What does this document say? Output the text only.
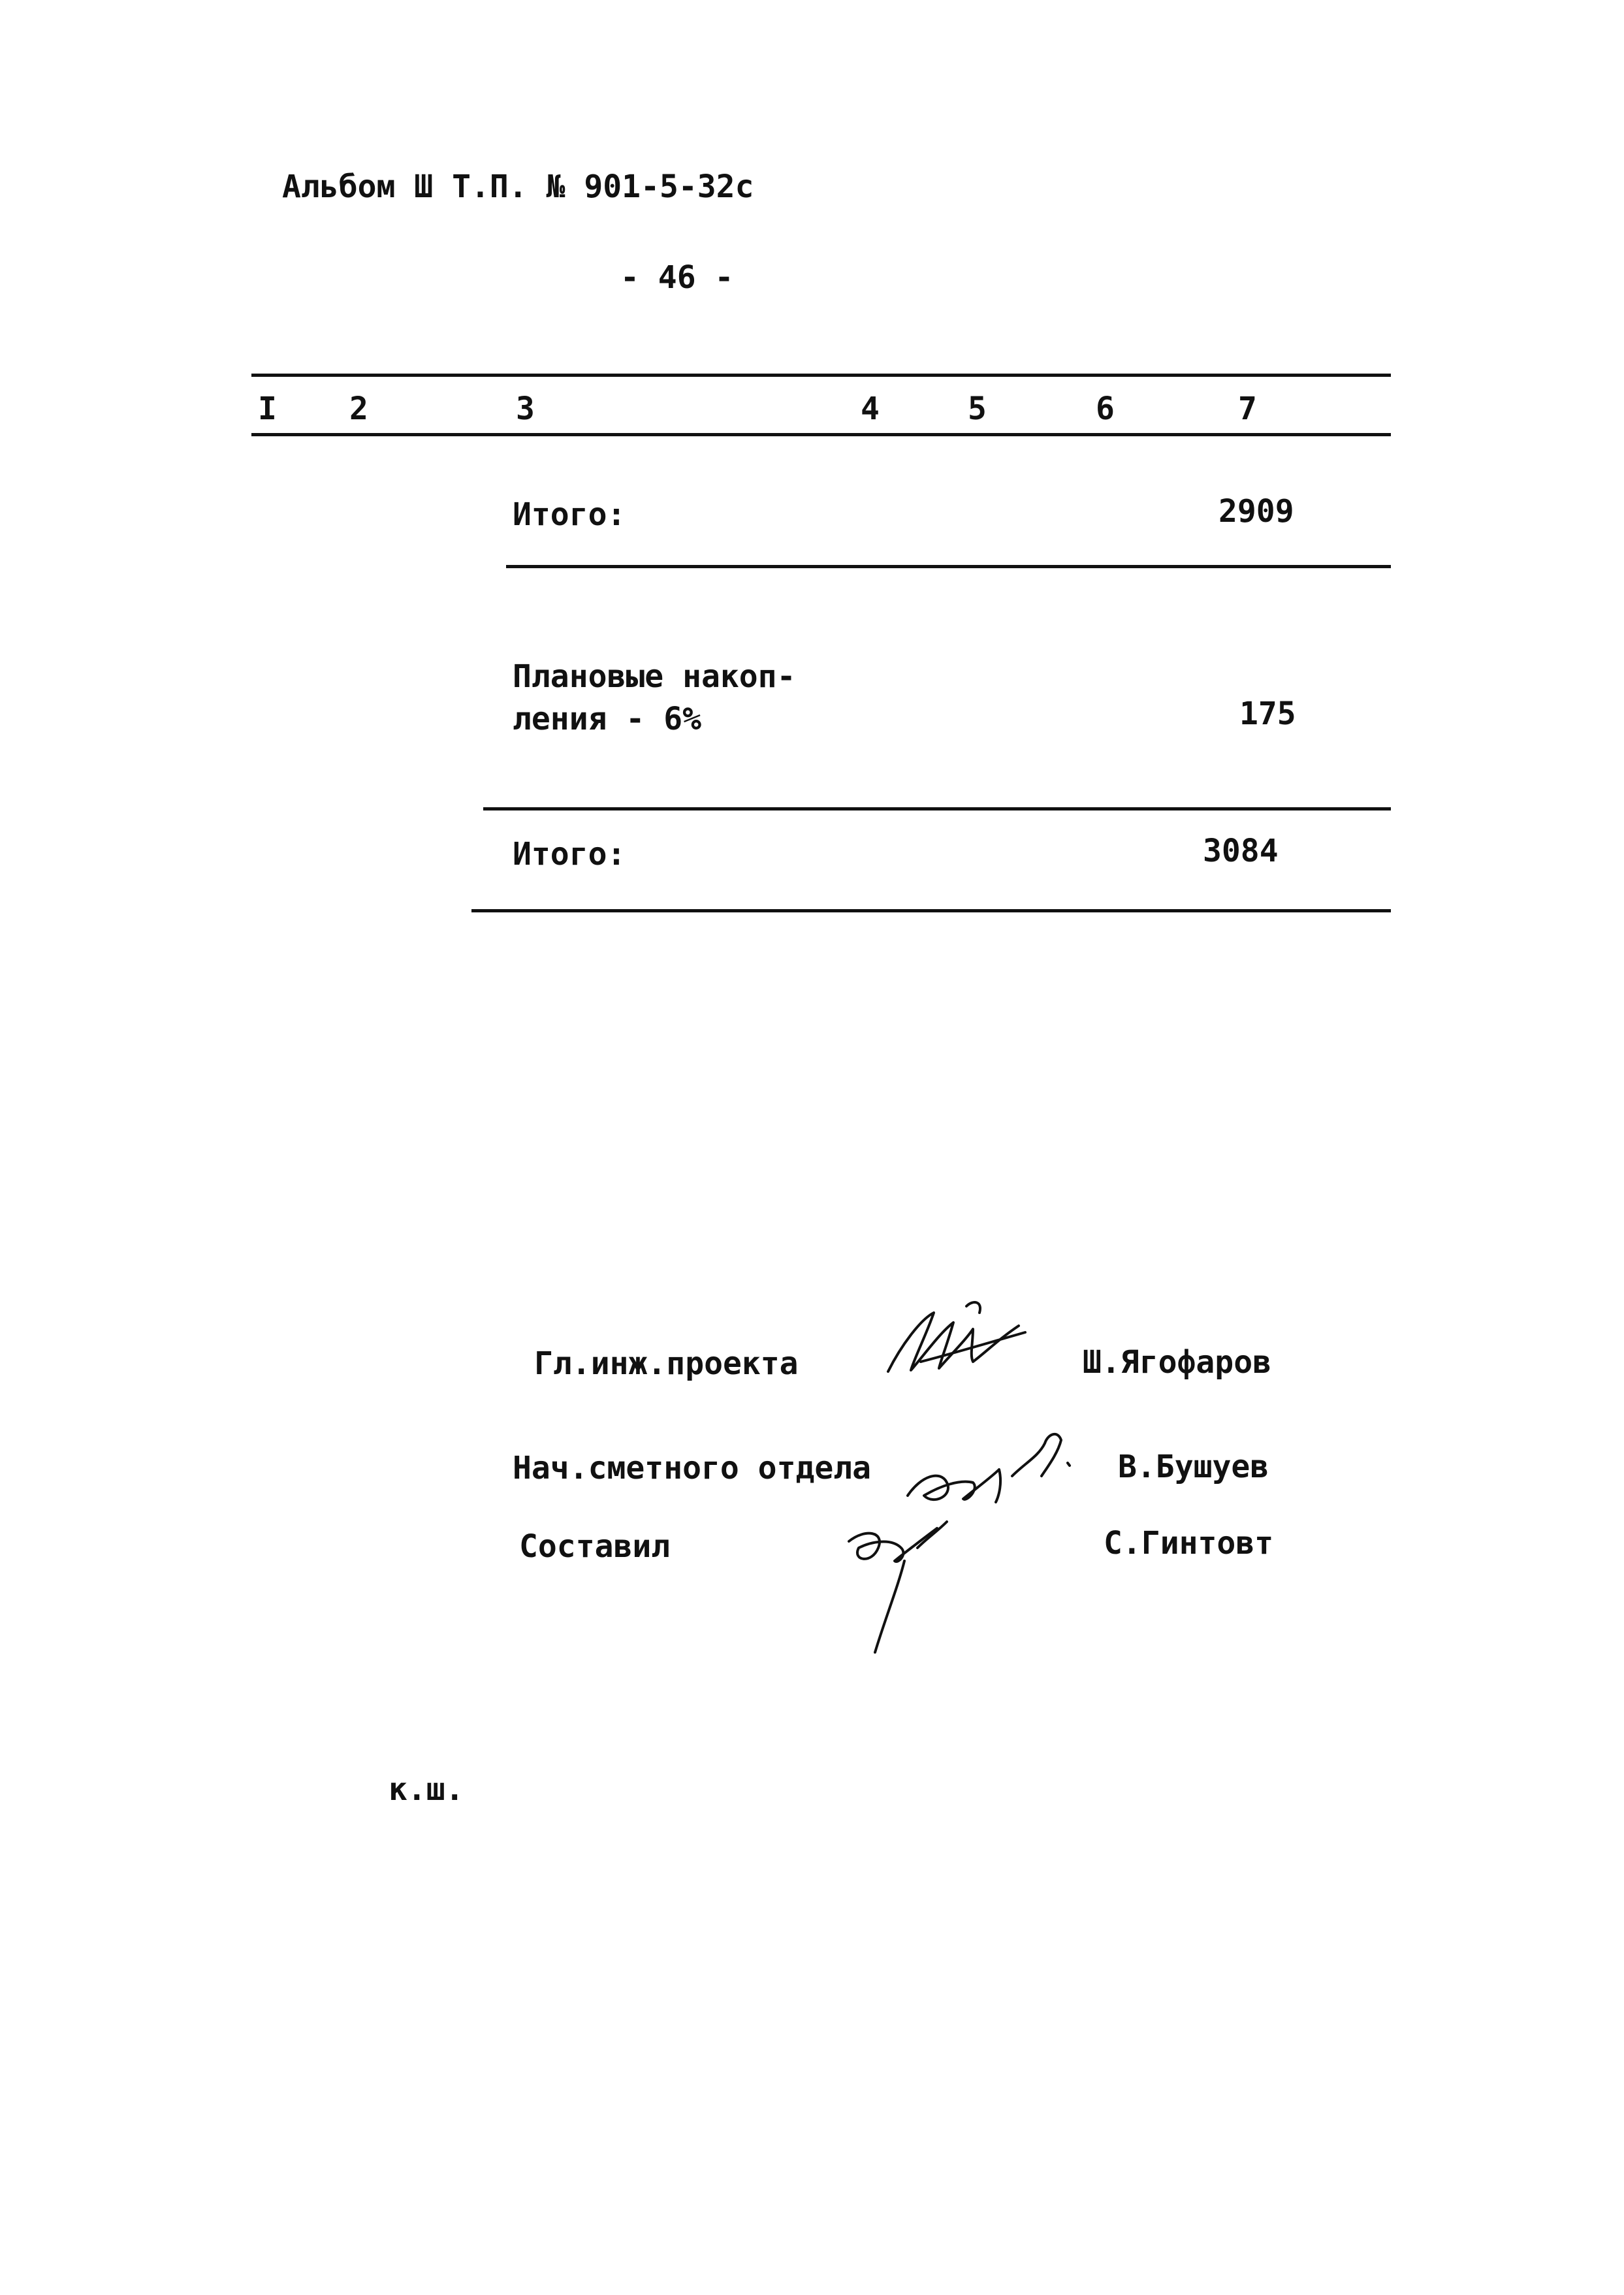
Альбом Ш Т.П. № 901-5-32с
- 46 -
I 2	3	4	5	6	7
Итого:	2909
Плановые накоп-
ления - 6%	175
Итого:	3084
Гл.инж.проекта	Ш.Ягофаров
Нач.сметного отдела	В.Бушуев
Составил	С.Гинтовт
к.ш.
